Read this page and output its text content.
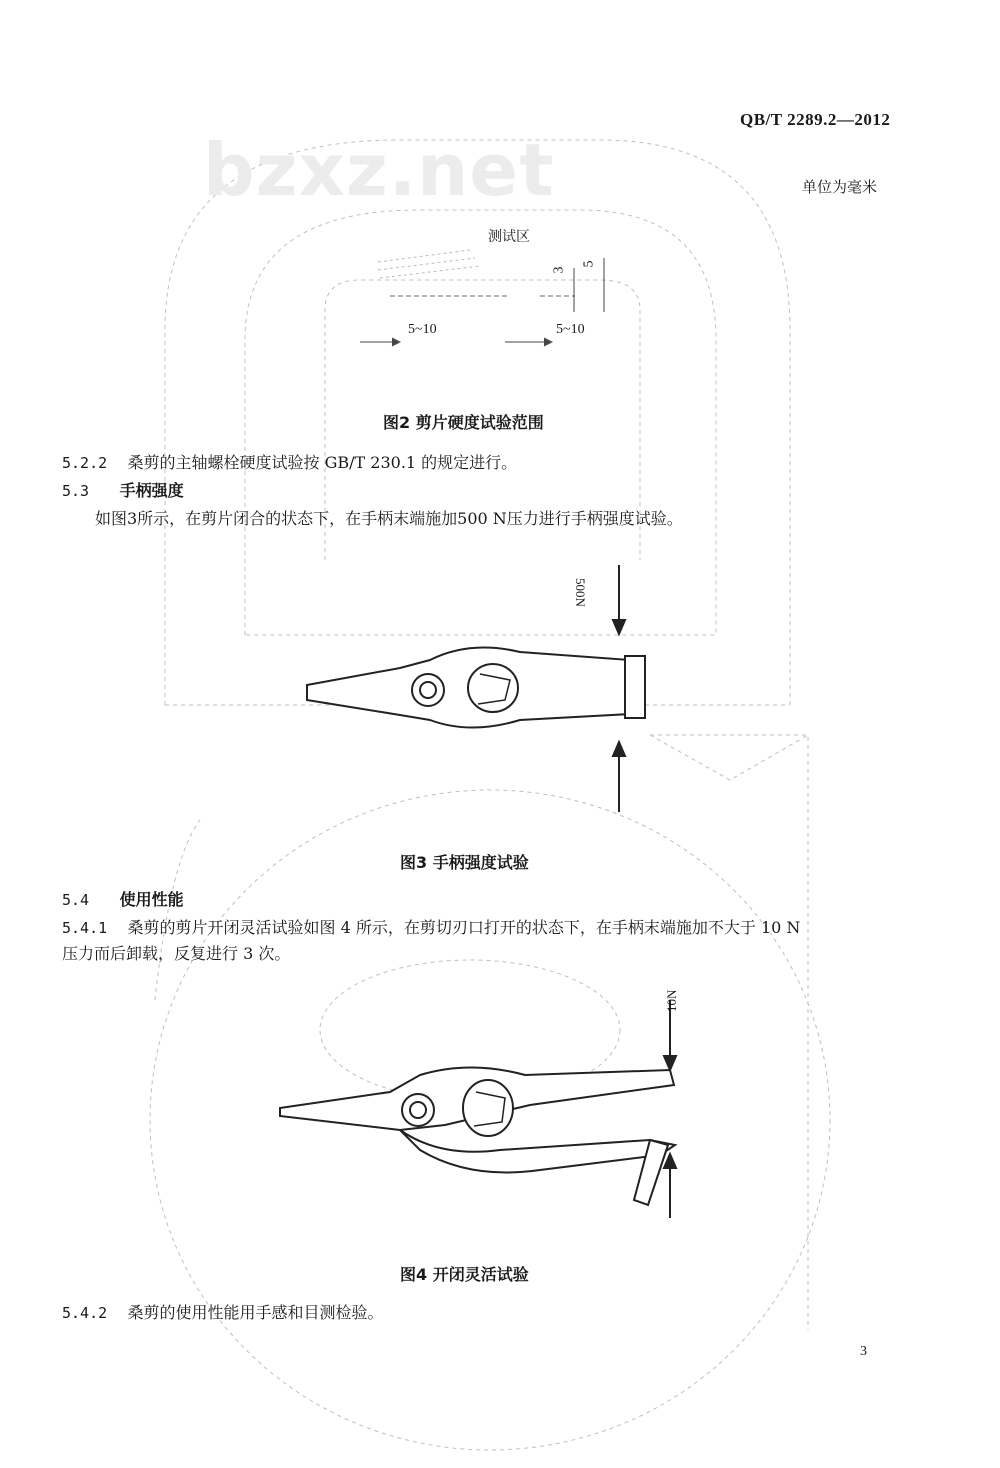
bzxz.net
QB/T 2289.2—2012
单位为毫米
测试区
3
5
5~10	5~10
图2 剪片硬度试验范围
5.2.2 桑剪的主轴螺栓硬度试验按 GB/T 230.1 的规定进行。
5.3 手柄强度
如图3所示，在剪片闭合的状态下，在手柄末端施加500 N压力进行手柄强度试验。
500N
图3 手柄强度试验
5.4 使用性能
5.4.1 桑剪的剪片开闭灵活试验如图 4 所示，在剪切刃口打开的状态下，在手柄末端施加不大于 10 N
压力而后卸载，反复进行 3 次。
10N
图4 开闭灵活试验
5.4.2 桑剪的使用性能用手感和目测检验。
3
